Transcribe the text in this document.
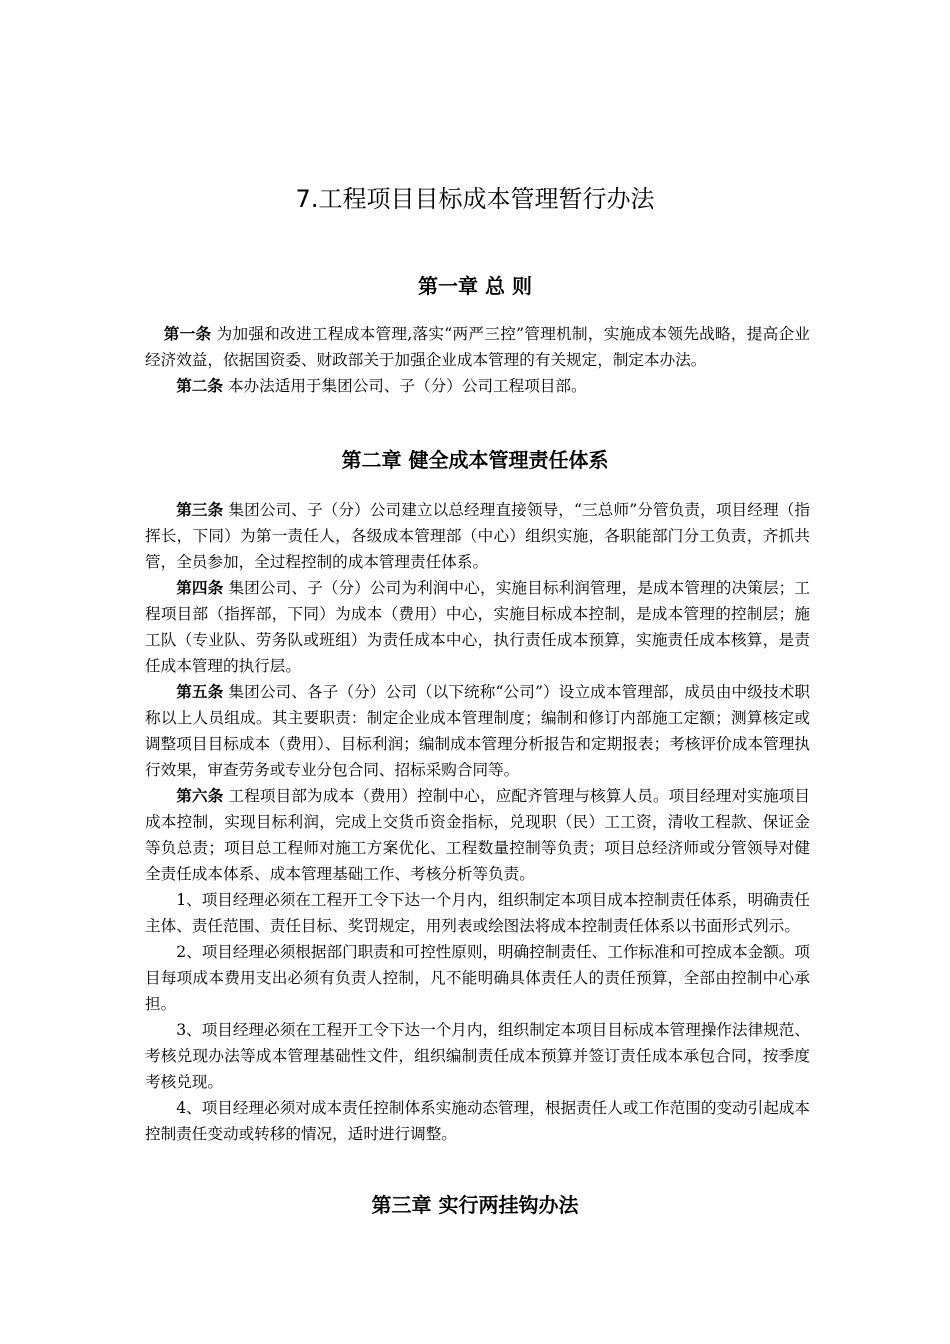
7.工程项目目标成本管理暂行办法
第一章 总 则

第一条 为加强和改进工程成本管理,落实“两严三控”管理机制，实施成本领先战略，提高企业经济效益，依据国资委、财政部关于加强企业成本管理的有关规定，制定本办法。

第二条 本办法适用于集团公司、子（分）公司工程项目部。

第二章 健全成本管理责任体系

第三条 集团公司、子（分）公司建立以总经理直接领导，“三总师”分管负责，项目经理（指挥长，下同）为第一责任人，各级成本管理部（中心）组织实施，各职能部门分工负责，齐抓共管，全员参加，全过程控制的成本管理责任体系。

第四条 集团公司、子（分）公司为利润中心，实施目标利润管理，是成本管理的决策层；工程项目部（指挥部，下同）为成本（费用）中心，实施目标成本控制，是成本管理的控制层；施工队（专业队、劳务队或班组）为责任成本中心，执行责任成本预算，实施责任成本核算，是责任成本管理的执行层。

第五条 集团公司、各子（分）公司（以下统称“公司”）设立成本管理部，成员由中级技术职称以上人员组成。其主要职责：制定企业成本管理制度；编制和修订内部施工定额；测算核定或调整项目目标成本（费用）、目标利润；编制成本管理分析报告和定期报表；考核评价成本管理执行效果，审查劳务或专业分包合同、招标采购合同等。

第六条 工程项目部为成本（费用）控制中心，应配齐管理与核算人员。项目经理对实施项目成本控制，实现目标利润，完成上交货币资金指标，兑现职（民）工工资，清收工程款、保证金等负总责；项目总工程师对施工方案优化、工程数量控制等负责；项目总经济师或分管领导对健全责任成本体系、成本管理基础工作、考核分析等负责。

1、项目经理必须在工程开工令下达一个月内，组织制定本项目成本控制责任体系，明确责任主体、责任范围、责任目标、奖罚规定，用列表或绘图法将成本控制责任体系以书面形式列示。

2、项目经理必须根据部门职责和可控性原则，明确控制责任、工作标准和可控成本金额。项目每项成本费用支出必须有负责人控制，凡不能明确具体责任人的责任预算，全部由控制中心承担。

3、项目经理必须在工程开工令下达一个月内，组织制定本项目目标成本管理操作法律规范、考核兑现办法等成本管理基础性文件，组织编制责任成本预算并签订责任成本承包合同，按季度考核兑现。

4、项目经理必须对成本责任控制体系实施动态管理，根据责任人或工作范围的变动引起成本控制责任变动或转移的情况，适时进行调整。

第三章 实行两挂钩办法
